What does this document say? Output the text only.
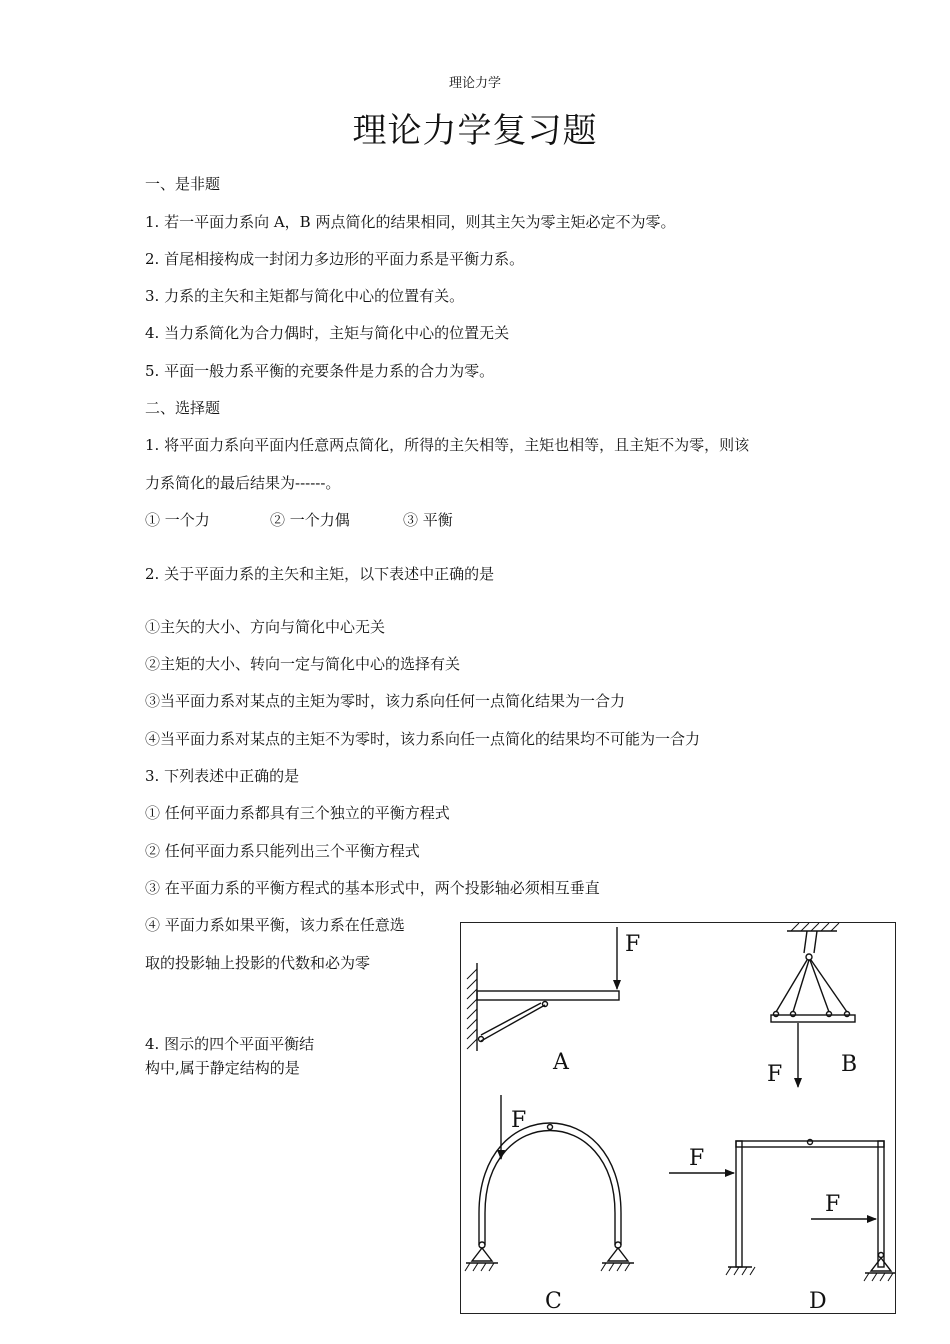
理论力学
理论力学复习题
一、是非题
1. 若一平面力系向 A，B 两点简化的结果相同，则其主矢为零主矩必定不为零。
2. 首尾相接构成一封闭力多边形的平面力系是平衡力系。
3. 力系的主矢和主矩都与简化中心的位置有关。
4. 当力系简化为合力偶时，主矩与简化中心的位置无关
5. 平面一般力系平衡的充要条件是力系的合力为零。
二、选择题
1. 将平面力系向平面内任意两点简化，所得的主矢相等，主矩也相等，且主矩不为零，则该
力系简化的最后结果为------。
① 一个力	② 一个力偶	③ 平衡
2. 关于平面力系的主矢和主矩，以下表述中正确的是
①主矢的大小、方向与简化中心无关
②主矩的大小、转向一定与简化中心的选择有关
③当平面力系对某点的主矩为零时，该力系向任何一点简化结果为一合力
④当平面力系对某点的主矩不为零时，该力系向任一点简化的结果均不可能为一合力
3. 下列表述中正确的是
① 任何平面力系都具有三个独立的平衡方程式
② 任何平面力系只能列出三个平衡方程式
③ 在平面力系的平衡方程式的基本形式中，两个投影轴必须相互垂直
④ 平面力系如果平衡，该力系在任意选
取的投影轴上投影的代数和必为零
4. 图示的四个平面平衡结
构中,属于静定结构的是
F
F
F
F
F
A	B
C	D
